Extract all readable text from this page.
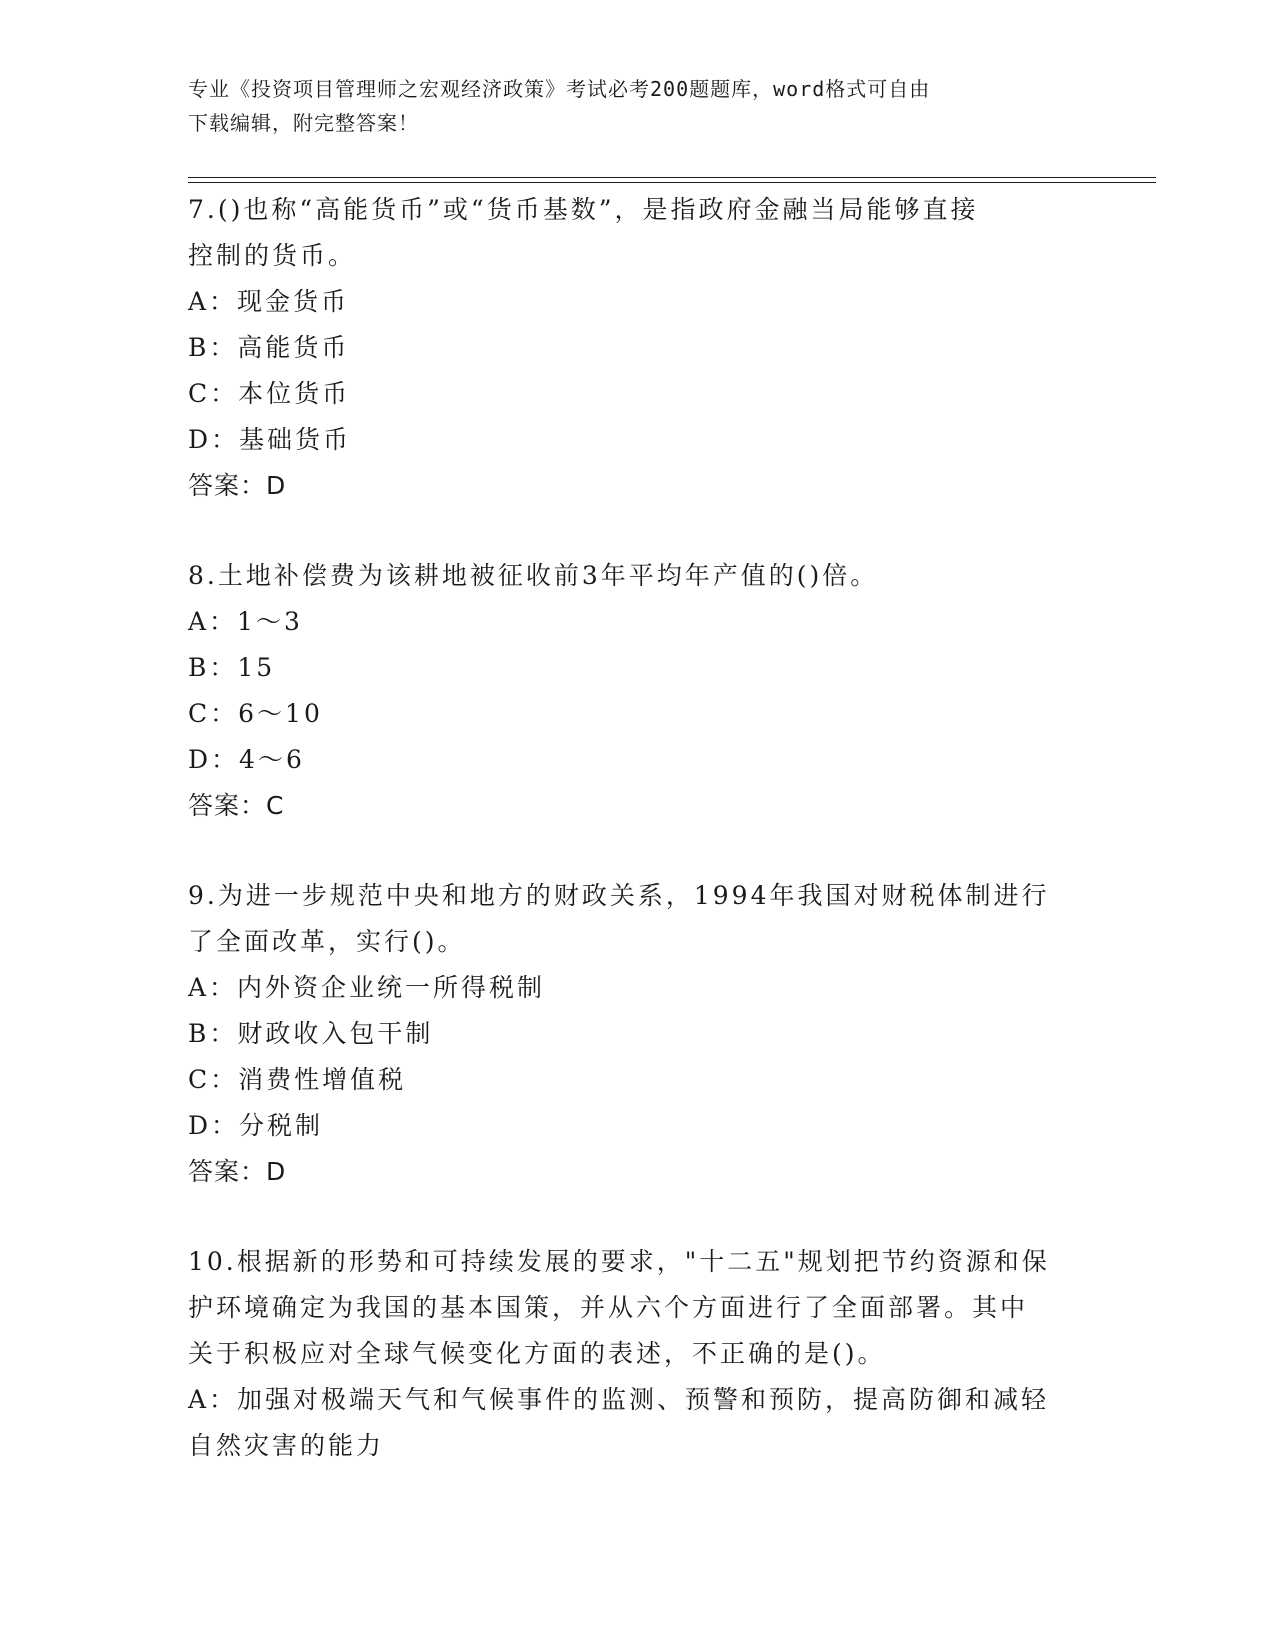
专业《投资项目管理师之宏观经济政策》考试必考200题题库，word格式可自由
下载编辑，附完整答案！
7.()也称“高能货币”或“货币基数”，是指政府金融当局能够直接
控制的货币。
A：现金货币
B：高能货币
C：本位货币
D：基础货币
答案：D
8.土地补偿费为该耕地被征收前3年平均年产值的()倍。
A：1～3
B：15
C：6～10
D：4～6
答案：C
9.为进一步规范中央和地方的财政关系，1994年我国对财税体制进行
了全面改革，实行()。
A：内外资企业统一所得税制
B：财政收入包干制
C：消费性增值税
D：分税制
答案：D
10.根据新的形势和可持续发展的要求，"十二五"规划把节约资源和保
护环境确定为我国的基本国策，并从六个方面进行了全面部署。其中
关于积极应对全球气候变化方面的表述，不正确的是()。
A：加强对极端天气和气候事件的监测、预警和预防，提高防御和减轻
自然灾害的能力
